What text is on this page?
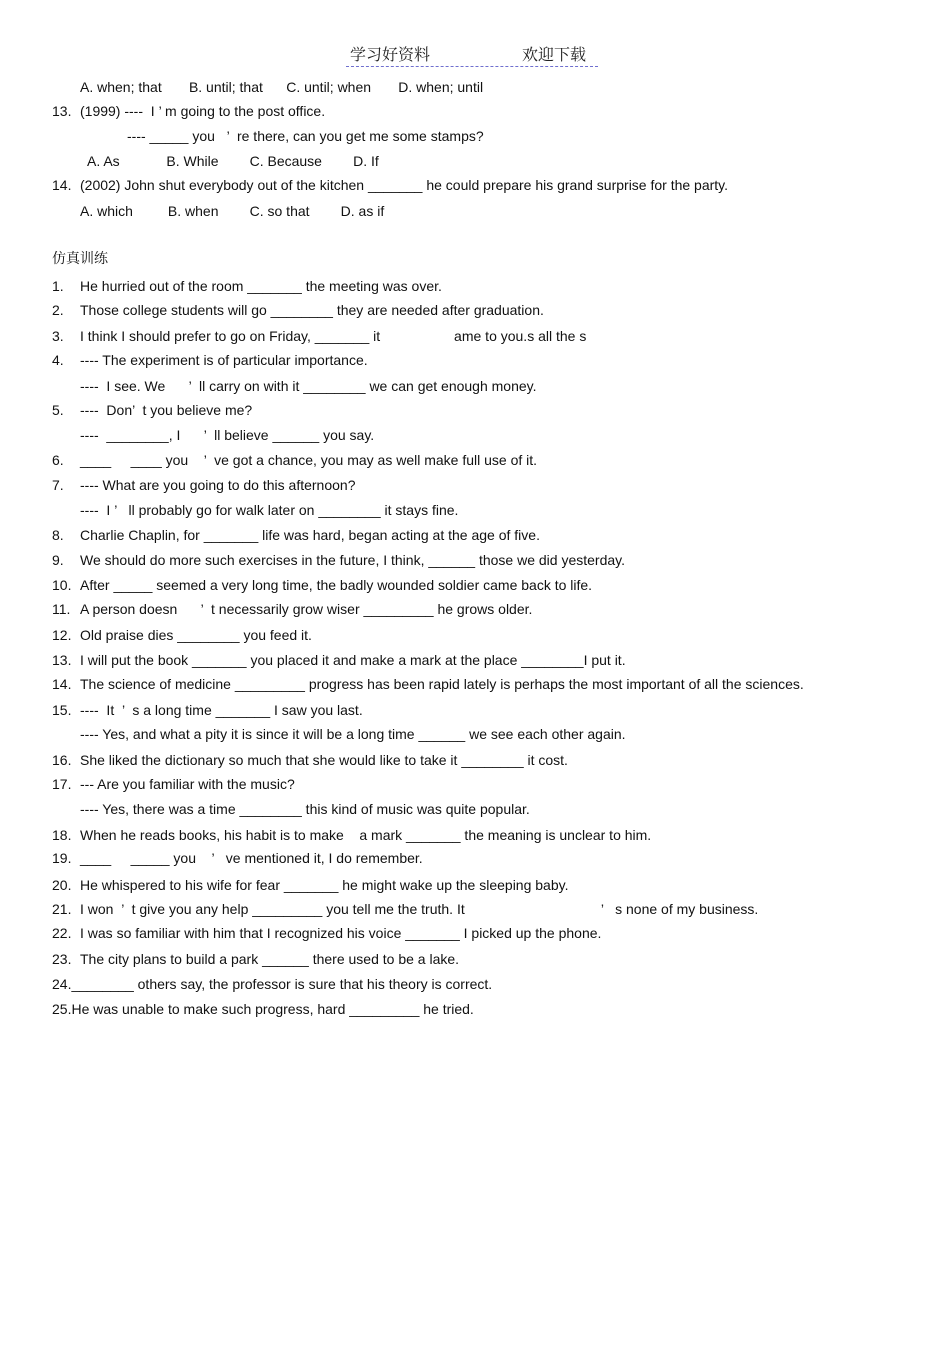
学习好资料	欢迎下载
仿真训练
A. when; that       B. until; that      C. until; when       D. when; until
13. (1999) ----  I ’ m going to the post office.
---- _____ you   ’  re there, can you get me some stamps?
A. As            B. While        C. Because        D. If
14. (2002) John shut everybody out of the kitchen _______ he could prepare his grand surprise for the party.
A. which         B. when        C. so that        D. as if
1. He hurried out of the room _______ the meeting was over.
2. Those college students will go ________ they are needed after graduation.
3. I think I should prefer to go on Friday, _______ it                   ame to you.s all the s
4. ---- The experiment is of particular importance.
----  I see. We      ’  ll carry on with it ________ we can get enough money.
5. ----  Don’  t you believe me?
----  ________, I      ’  ll believe ______ you say.
6. ____     ____ you    ’  ve got a chance, you may as well make full use of it.
7. ---- What are you going to do this afternoon?
----  I ’   ll probably go for walk later on ________ it stays fine.
8. Charlie Chaplin, for _______ life was hard, began acting at the age of five.
9. We should do more such exercises in the future, I think, ______ those we did yesterday.
10. After _____ seemed a very long time, the badly wounded soldier came back to life.
11. A person doesn      ’  t necessarily grow wiser _________ he grows older.
12. Old praise dies ________ you feed it.
13. I will put the book _______ you placed it and make a mark at the place ________I put it.
14. The science of medicine _________ progress has been rapid lately is perhaps the most important of all the sciences.
15. ----  It  ’  s a long time _______ I saw you last.
---- Yes, and what a pity it is since it will be a long time ______ we see each other again.
16. She liked the dictionary so much that she would like to take it ________ it cost.
17. --- Are you familiar with the music?
---- Yes, there was a time ________ this kind of music was quite popular.
18. When he reads books, his habit is to make    a mark _______ the meaning is unclear to him.
19. ____     _____ you    ’   ve mentioned it, I do remember.
20. He whispered to his wife for fear _______ he might wake up the sleeping baby.
21. I won  ’  t give you any help _________ you tell me the truth. It                                   ’   s none of my business.
22. I was so familiar with him that I recognized his voice _______ I picked up the phone.
23. The city plans to build a park ______ there used to be a lake.
24.________ others say, the professor is sure that his theory is correct.
25.He was unable to make such progress, hard _________ he tried.
